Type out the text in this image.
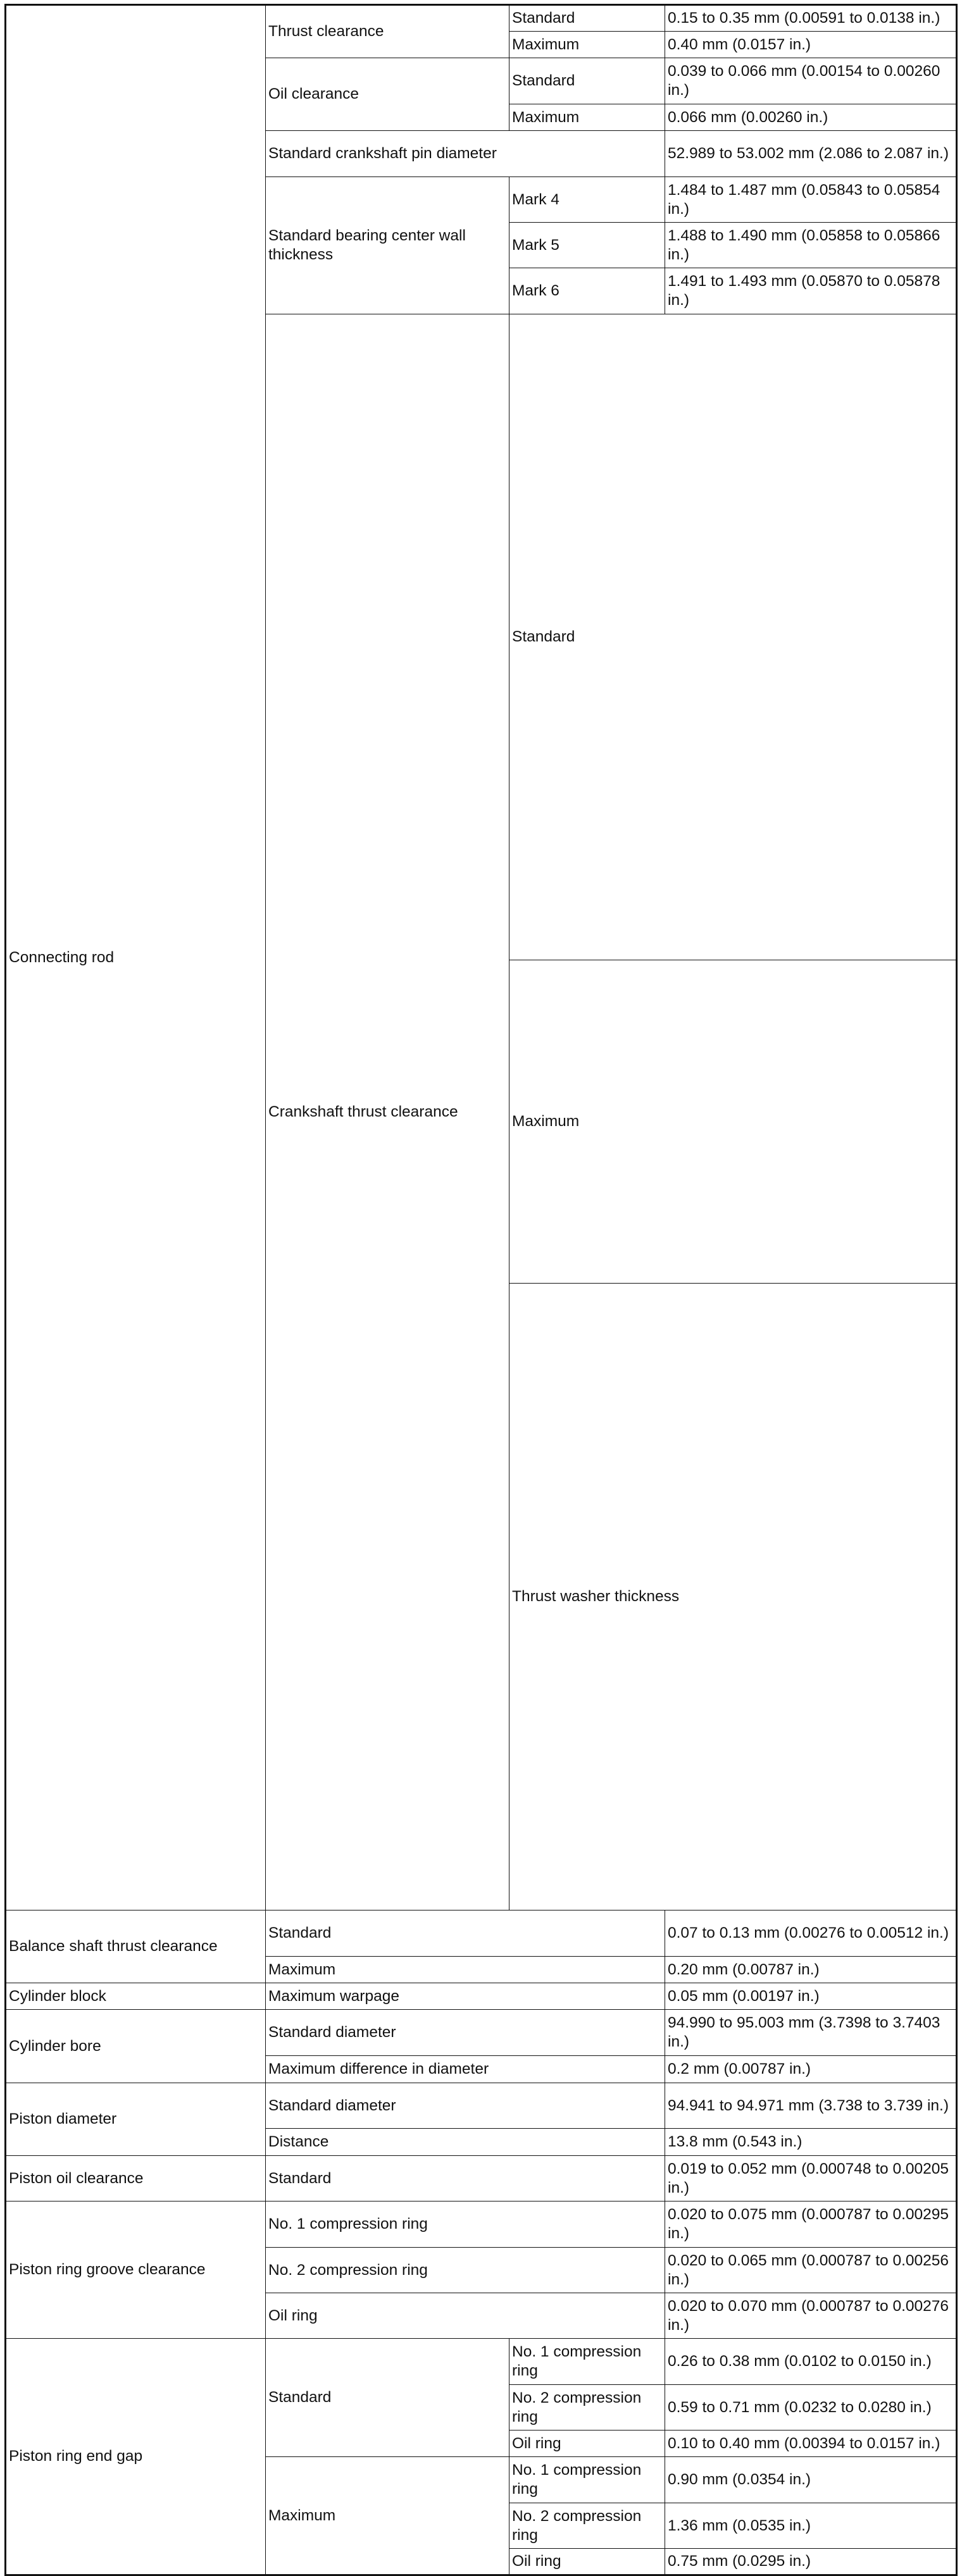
Connecting rod	Thrust clearance	Standard	0.15 to 0.35 mm (0.00591 to 0.0138 in.)	
		Maximum	0.40 mm (0.0157 in.)	
	Oil clearance	Standard	0.039 to 0.066 mm (0.00154 to 0.00260 in.)	
		Maximum	0.066 mm (0.00260 in.)	
	Standard crankshaft pin diameter		52.989 to 53.002 mm (2.086 to 2.087 in.)	
	Standard bearing center wall thickness	Mark 4	1.484 to 1.487 mm (0.05843 to 0.05854 in.)	
		Mark 5	1.488 to 1.490 mm (0.05858 to 0.05866 in.)	
		Mark 6	1.491 to 1.493 mm (0.05870 to 0.05878 in.)	
	Crankshaft thrust clearance	Standard	
		Maximum	
		Thrust washer thickness	
Balance shaft thrust clearance	Standard		0.07 to 0.13 mm (0.00276 to 0.00512 in.)	
	Maximum		0.20 mm (0.00787 in.)	
Cylinder block	Maximum warpage		0.05 mm (0.00197 in.)	
Cylinder bore	Standard diameter		94.990 to 95.003 mm (3.7398 to 3.7403 in.)	
	Maximum difference in diameter		0.2 mm (0.00787 in.)	
Piston diameter	Standard diameter		94.941 to 94.971 mm (3.738 to 3.739 in.)	
	Distance		13.8 mm (0.543 in.)	
Piston oil clearance	Standard		0.019 to 0.052 mm (0.000748 to 0.00205 in.)	
Piston ring groove clearance	No. 1 compression ring		0.020 to 0.075 mm (0.000787 to 0.00295 in.)	
	No. 2 compression ring		0.020 to 0.065 mm (0.000787 to 0.00256 in.)	
	Oil ring		0.020 to 0.070 mm (0.000787 to 0.00276 in.)	
Piston ring end gap	Standard	No. 1 compression ring	0.26 to 0.38 mm (0.0102 to 0.0150 in.)	
		No. 2 compression ring	0.59 to 0.71 mm (0.0232 to 0.0280 in.)	
		Oil ring	0.10 to 0.40 mm (0.00394 to 0.0157 in.)	
	Maximum	No. 1 compression ring	0.90 mm (0.0354 in.)	
		No. 2 compression ring	1.36 mm (0.0535 in.)	
		Oil ring	0.75 mm (0.0295 in.)	
